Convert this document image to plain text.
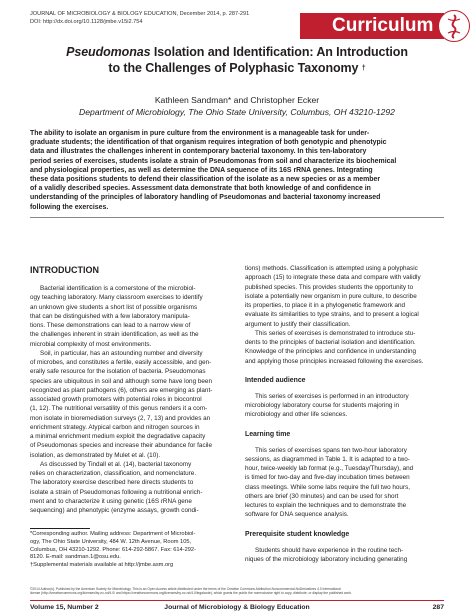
JOURNAL OF MICROBIOLOGY & BIOLOGY EDUCATION, December 2014, p. 287-291
DOI: http://dx.doi.org/10.1128/jmbe.v15i2.754	Curriculum
Pseudomonas Isolation and Identification: An Introduction
to the Challenges of Polyphasic Taxonomy †
Kathleen Sandman* and Christopher Ecker
Department of Microbiology, The Ohio State University, Columbus, OH 43210-1292
The ability to isolate an organism in pure culture from the environment is a manageable task for under-
graduate students; the identification of that organism requires integration of both genotypic and phenotypic
data and illustrates the challenges inherent in contemporary bacterial taxonomy. In this ten-laboratory
period series of exercises, students isolate a strain of Pseudomonas from soil and characterize its biochemical
and physiological properties, as well as determine the DNA sequence of its 16S rRNA genes. Integrating
these data positions students to defend their classification of the isolate as a new species or as a member
of a validly described species. Assessment data demonstrate that both knowledge of and confidence in
understanding of the principles of laboratory handling of Pseudomonas and bacterial taxonomy increased
following the exercises.
INTRODUCTION
Bacterial identification is a cornerstone of the microbiol-
ogy teaching laboratory. Many classroom exercises to identify
an unknown give students a short list of possible organisms
that can be distinguished with a few laboratory manipula-
tions. These demonstrations can lead to a narrow view of
the challenges inherent in strain identification, as well as the
microbial complexity of most environments.
Soil, in particular, has an astounding number and diversity
of microbes, and constitutes a fertile, easily accessible, and gen-
erally safe resource for the isolation of bacteria. Pseudomonas
species are ubiquitous in soil and although some have long been
recognized as plant pathogens (6), others are emerging as plant-
associated growth promoters with potential roles in biocontrol
(1, 12). The nutritional versatility of this genus renders it a com-
mon isolate in bioremediation surveys (2, 7, 13) and provides an
enrichment strategy. Atypical carbon and nitrogen sources in
a minimal enrichment medium exploit the degradative capacity
of Pseudomonas species and increase their abundance for facile
isolation, as demonstrated by Mulet et al. (10).
As discussed by Tindall et al. (14), bacterial taxonomy
relies on characterization, classification, and nomenclature.
The laboratory exercise described here directs students to
isolate a strain of Pseudomonas following a nutritional enrich-
ment and to characterize it using genetic (16S rRNA gene
sequencing) and phenotypic (enzyme assays, growth condi-
*Corresponding author. Mailing address: Department of Microbiol-
ogy, The Ohio State University, 484 W. 12th Avenue, Room 105,
Columbus, OH 43210-1292. Phone: 614-292-5867. Fax: 614-292-
8120. E-mail: sandman.1@osu.edu.
†Supplemental materials available at http://jmbe.asm.org
tions) methods. Classification is attempted using a polyphasic
approach (15) to integrate these data and compare with validly
published species. This provides students the opportunity to
isolate a potentially new organism in pure culture, to describe
its properties, to place it in a phylogenetic framework and
evaluate its similarities to type strains, and to present a logical
argument to justify their classification.
This series of exercises is demonstrated to introduce stu-
dents to the principles of bacterial isolation and identification.
Knowledge of the principles and confidence in understanding
and applying those principles increased following the exercises.
Intended audience
This series of exercises is performed in an introductory
microbiology laboratory course for students majoring in
microbiology and other life sciences.
Learning time
This series of exercises spans ten two-hour laboratory
sessions, as diagrammed in Table 1. It is adapted to a two-
hour, twice-weekly lab format (e.g., Tuesday/Thursday), and
is timed for two-day and five-day incubation times between
class meetings. While some labs require the full two hours,
others are brief (30 minutes) and can be used for short
lectures to explain the techniques and to demonstrate the
software for DNA sequence analysis.
Prerequisite student knowledge
Students should have experience in the routine tech-
niques of the microbiology laboratory including generating
©2014 Author(s). Published by the American Society for Microbiology. This is an Open Access article distributed under the terms of the Creative Commons Attribution-Noncommercial-NoDerivatives 4.0 International
license (http://creativecommons.org/licenses/by-nc-nd/4.0/ and https://creativecommons.org/licenses/by-nc-nd/4.0/legalcode), which grants the public the nonexclusive right to copy, distribute, or display the published work.
Volume 15, Number 2	Journal of Microbiology & Biology Education	287
